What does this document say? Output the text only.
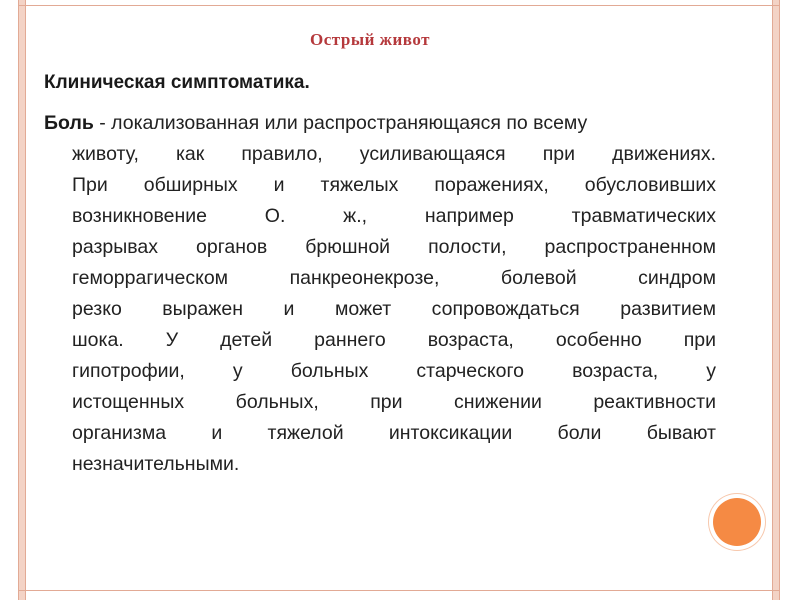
Острый живот
Клиническая симптоматика.
Боль - локализованная или распространяющаяся по всему
животу, как правило, усиливающаяся при движениях.
При обширных и тяжелых поражениях, обусловивших
возникновение О. ж., например травматических
разрывах органов брюшной полости, распространенном
геморрагическом панкреонекрозе, болевой синдром
резко выражен и может сопровождаться развитием
шока. У детей раннего возраста, особенно при
гипотрофии, у больных старческого возраста, у
истощенных больных, при снижении реактивности
организма и тяжелой интоксикации боли бывают
незначительными.
